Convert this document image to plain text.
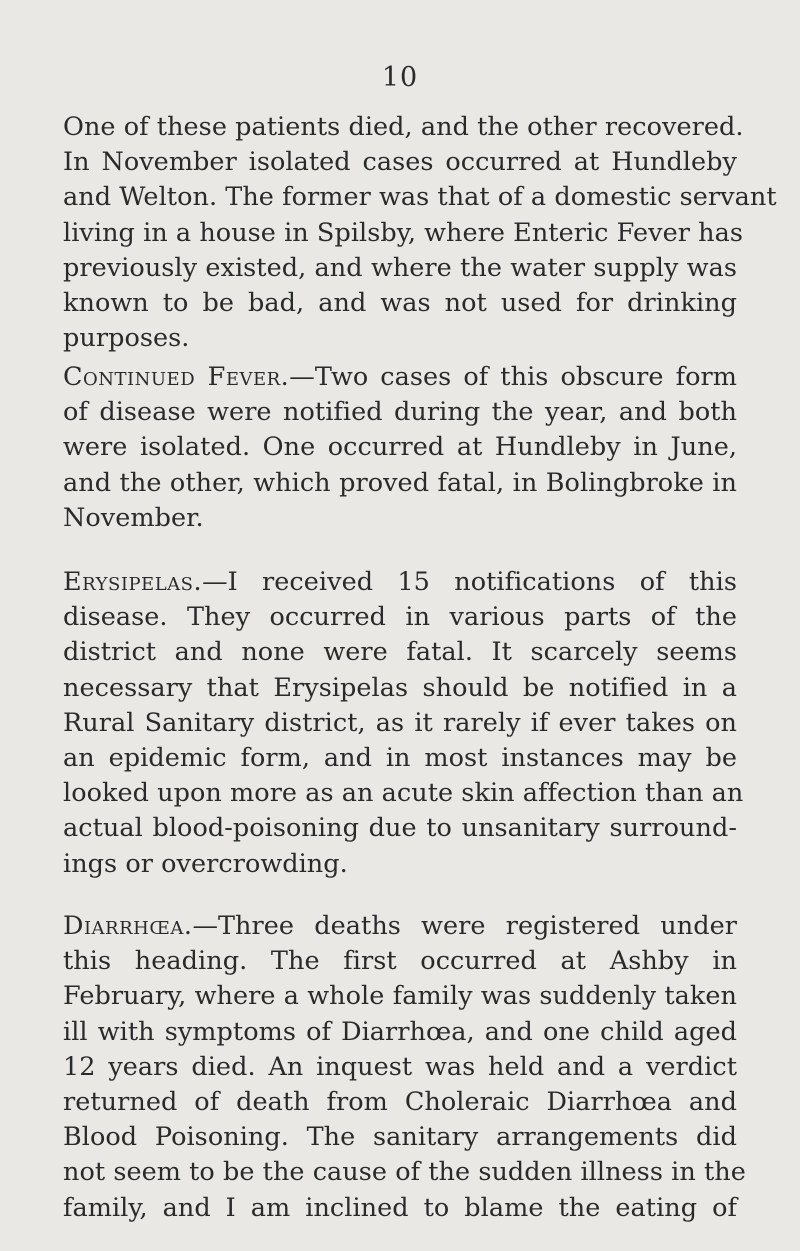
10
One of these patients died, and the other recovered.
In November isolated cases occurred at Hundleby
and Welton. The former was that of a domestic servant
living in a house in Spilsby, where Enteric Fever has
previously existed, and where the water supply was
known to be bad, and was not used for drinking
purposes.
Continued Fever.—Two cases of this obscure form
of disease were notified during the year, and both
were isolated. One occurred at Hundleby in June,
and the other, which proved fatal, in Bolingbroke in
November.
Erysipelas.—I received 15 notifications of this
disease. They occurred in various parts of the
district and none were fatal. It scarcely seems
necessary that Erysipelas should be notified in a
Rural Sanitary district, as it rarely if ever takes on
an epidemic form, and in most instances may be
looked upon more as an acute skin affection than an
actual blood-poisoning due to unsanitary surround-
ings or overcrowding.
Diarrhœa.—Three deaths were registered under
this heading. The first occurred at Ashby in
February, where a whole family was suddenly taken
ill with symptoms of Diarrhœa, and one child aged
12 years died. An inquest was held and a verdict
returned of death from Choleraic Diarrhœa and
Blood Poisoning. The sanitary arrangements did
not seem to be the cause of the sudden illness in the
family, and I am inclined to blame the eating of
